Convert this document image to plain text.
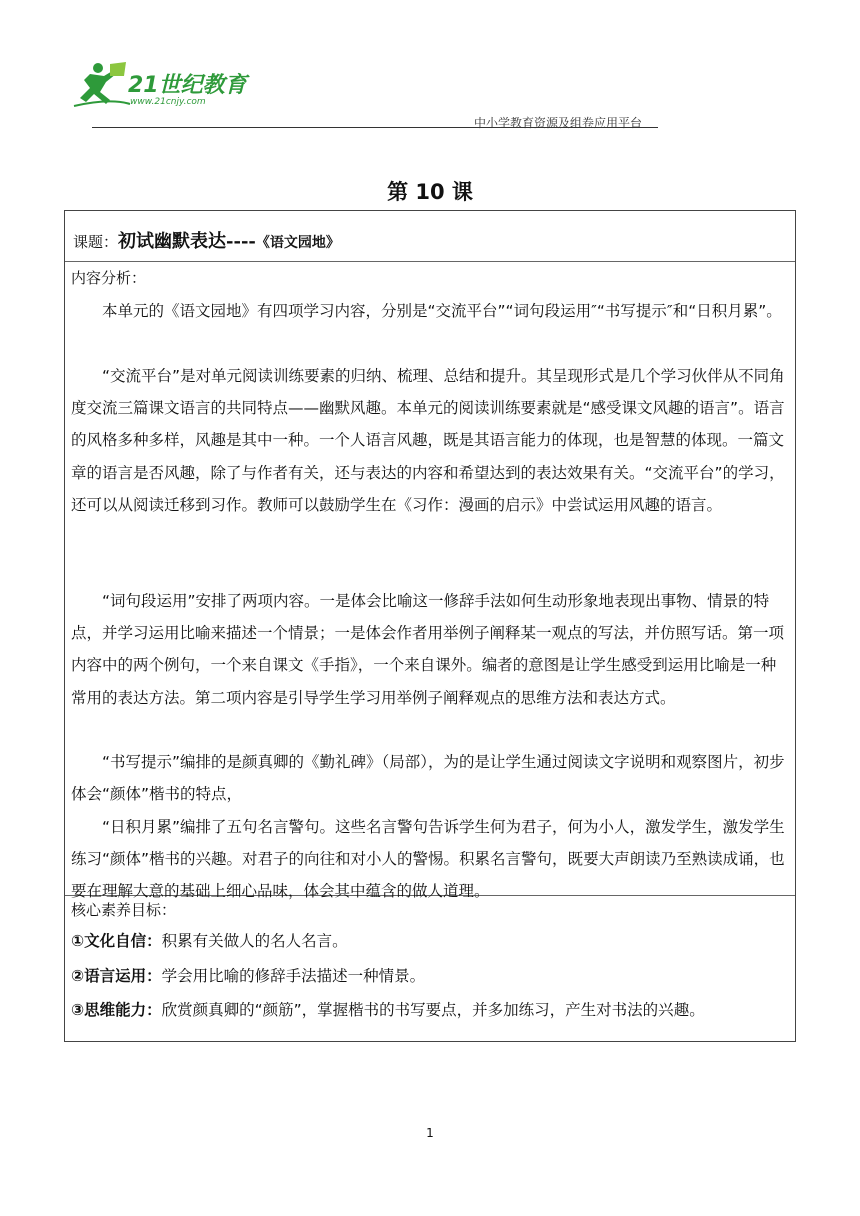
21世纪教育
www.21cnjy.com
中小学教育资源及组卷应用平台
第 10 课
课题：初试幽默表达----《语文园地》
内容分析：

本单元的《语文园地》有四项学习内容，分别是“交流平台”“词句段运用″“书写提示″和“日积月累”。

“交流平台”是对单元阅读训练要素的归纳、梳理、总结和提升。其呈现形式是几个学习伙伴从不同角度交流三篇课文语言的共同特点——幽默风趣。本单元的阅读训练要素就是“感受课文风趣的语言”。语言的风格多种多样，风趣是其中一种。一个人语言风趣，既是其语言能力的体现，也是智慧的体现。一篇文章的语言是否风趣，除了与作者有关，还与表达的内容和希望达到的表达效果有关。“交流平台”的学习，还可以从阅读迁移到习作。教师可以鼓励学生在《习作：漫画的启示》中尝试运用风趣的语言。

“词句段运用”安排了两项内容。一是体会比喻这一修辞手法如何生动形象地表现出事物、情景的特点，并学习运用比喻来描述一个情景；一是体会作者用举例子阐释某一观点的写法，并仿照写话。第一项内容中的两个例句，一个来自课文《手指》，一个来自课外。编者的意图是让学生感受到运用比喻是一种常用的表达方法。第二项内容是引导学生学习用举例子阐释观点的思维方法和表达方式。

“书写提示”编排的是颜真卿的《勤礼碑》（局部），为的是让学生通过阅读文字说明和观察图片，初步体会“颜体”楷书的特点，

“日积月累”编排了五句名言警句。这些名言警句告诉学生何为君子，何为小人，激发学生，激发学生练习“颜体”楷书的兴趣。对君子的向往和对小人的警惕。积累名言警句，既要大声朗读乃至熟读成诵，也要在理解大意的基础上细心品味，体会其中蕴含的做人道理。

核心素养目标：
①文化自信：积累有关做人的名人名言。
②语言运用：学会用比喻的修辞手法描述一种情景。
③思维能力：欣赏颜真卿的“颜筋”，掌握楷书的书写要点，并多加练习，产生对书法的兴趣。
1
